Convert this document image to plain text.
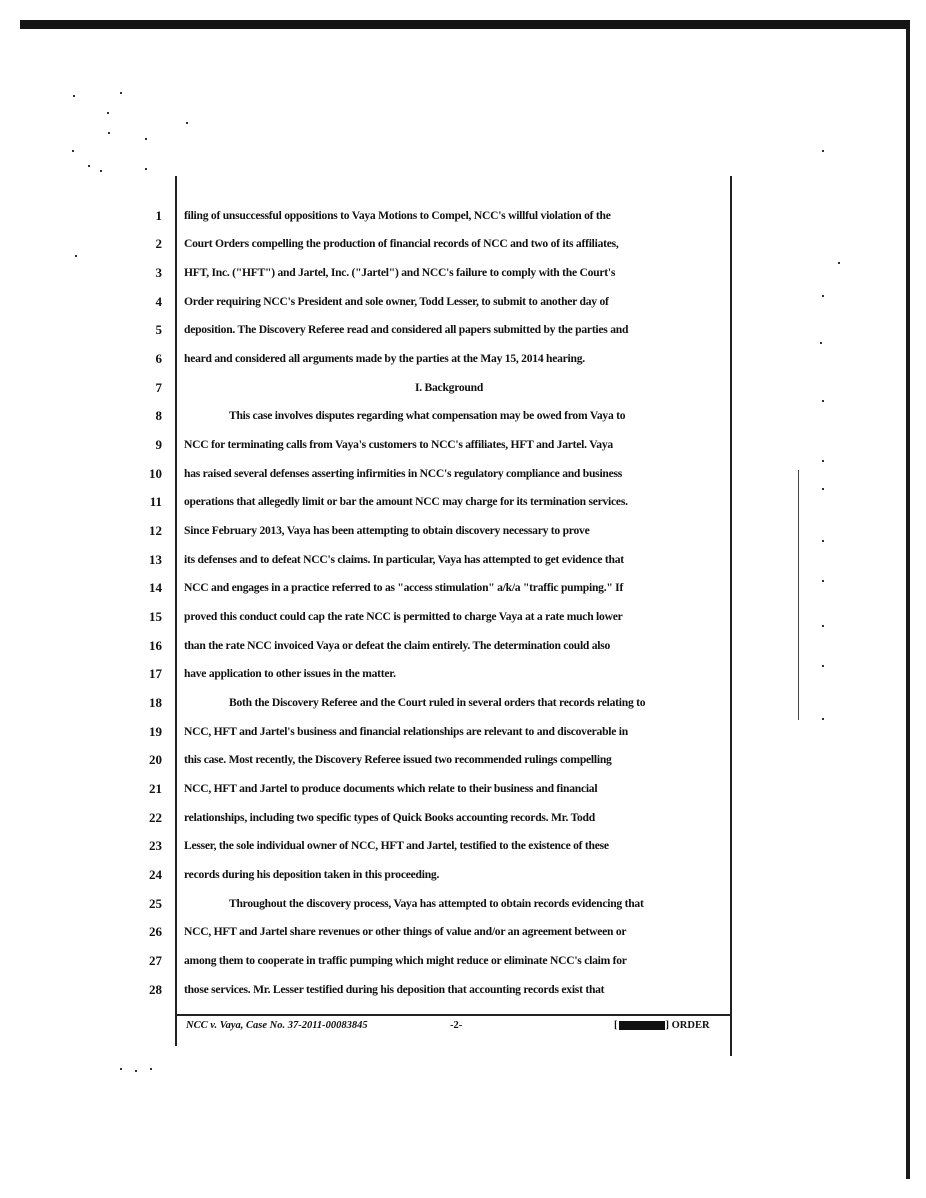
1
2
3
4
5
6
7
8
9
10
11
12
13
14
15
16
17
18
19
20
21
22
23
24
25
26
27
28
filing of unsuccessful oppositions to Vaya Motions to Compel, NCC's willful violation of the
Court Orders compelling the production of financial records of NCC and two of its affiliates,
HFT, Inc. ("HFT") and Jartel, Inc. ("Jartel") and NCC's failure to comply with the Court's
Order requiring NCC's President and sole owner, Todd Lesser, to submit to another day of
deposition. The Discovery Referee read and considered all papers submitted by the parties and
heard and considered all arguments made by the parties at the May 15, 2014 hearing.
I. Background
This case involves disputes regarding what compensation may be owed from Vaya to
NCC for terminating calls from Vaya's customers to NCC's affiliates, HFT and Jartel. Vaya
has raised several defenses asserting infirmities in NCC's regulatory compliance and business
operations that allegedly limit or bar the amount NCC may charge for its termination services.
Since February 2013, Vaya has been attempting to obtain discovery necessary to prove
its defenses and to defeat NCC's claims. In particular, Vaya has attempted to get evidence that
NCC and engages in a practice referred to as "access stimulation" a/k/a "traffic pumping." If
proved this conduct could cap the rate NCC is permitted to charge Vaya at a rate much lower
than the rate NCC invoiced Vaya or defeat the claim entirely. The determination could also
have application to other issues in the matter.
Both the Discovery Referee and the Court ruled in several orders that records relating to
NCC, HFT and Jartel's business and financial relationships are relevant to and discoverable in
this case. Most recently, the Discovery Referee issued two recommended rulings compelling
NCC, HFT and Jartel to produce documents which relate to their business and financial
relationships, including two specific types of Quick Books accounting records. Mr. Todd
Lesser, the sole individual owner of NCC, HFT and Jartel, testified to the existence of these
records during his deposition taken in this proceeding.
Throughout the discovery process, Vaya has attempted to obtain records evidencing that
NCC, HFT and Jartel share revenues or other things of value and/or an agreement between or
among them to cooperate in traffic pumping which might reduce or eliminate NCC's claim for
those services. Mr. Lesser testified during his deposition that accounting records exist that
NCC v. Vaya, Case No. 37-2011-00083845	-2-	[	] ORDER
